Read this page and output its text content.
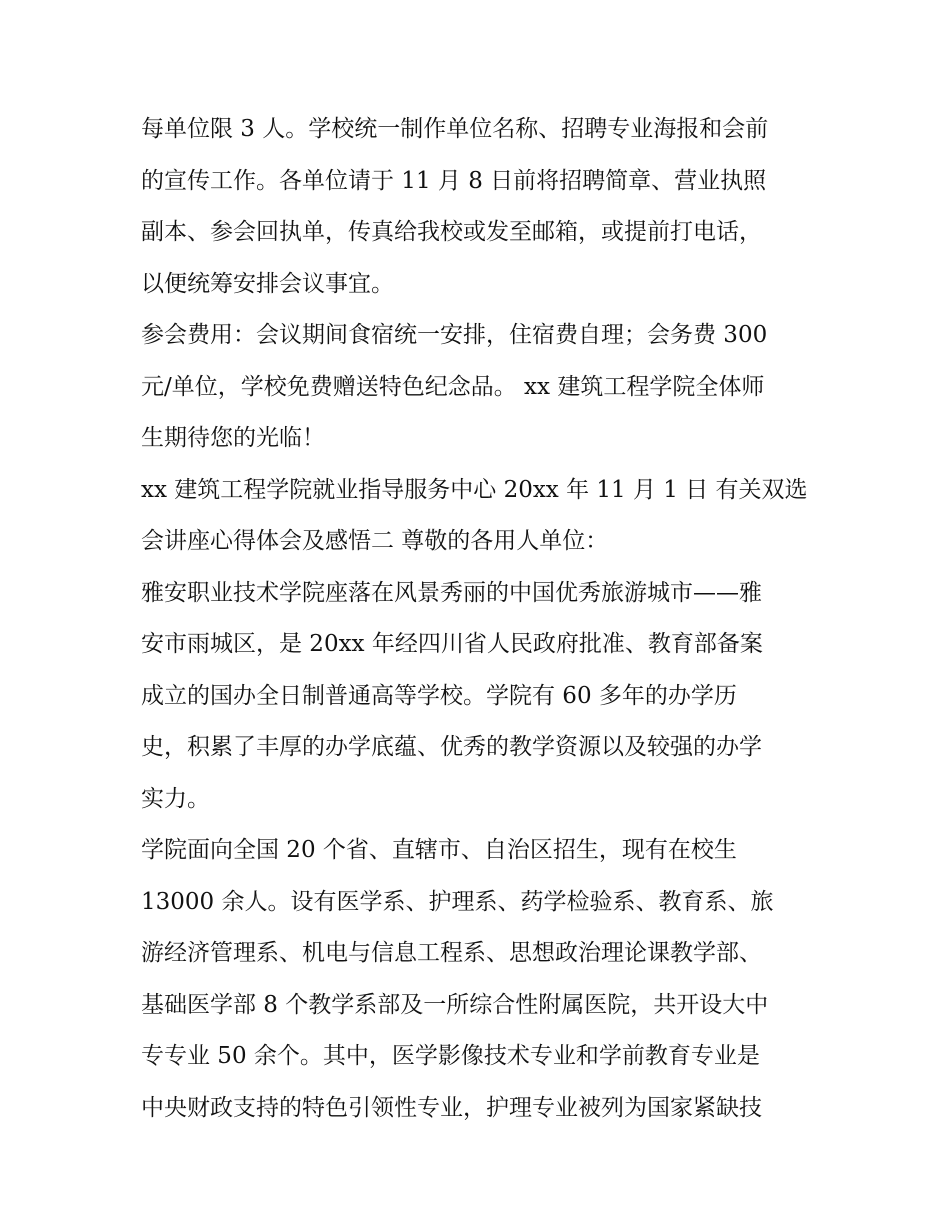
每单位限 3 人。学校统一制作单位名称、招聘专业海报和会前
的宣传工作。各单位请于 11 月 8 日前将招聘简章、营业执照
副本、参会回执单，传真给我校或发至邮箱，或提前打电话，
以便统筹安排会议事宜。
参会费用：会议期间食宿统一安排，住宿费自理；会务费 300
元/单位，学校免费赠送特色纪念品。 xx 建筑工程学院全体师
生期待您的光临！
xx 建筑工程学院就业指导服务中心 20xx 年 11 月 1 日 有关双选
会讲座心得体会及感悟二 尊敬的各用人单位：
雅安职业技术学院座落在风景秀丽的中国优秀旅游城市——雅
安市雨城区，是 20xx 年经四川省人民政府批准、教育部备案
成立的国办全日制普通高等学校。学院有 60 多年的办学历
史，积累了丰厚的办学底蕴、优秀的教学资源以及较强的办学
实力。
学院面向全国 20 个省、直辖市、自治区招生，现有在校生
13000 余人。设有医学系、护理系、药学检验系、教育系、旅
游经济管理系、机电与信息工程系、思想政治理论课教学部、
基础医学部 8 个教学系部及一所综合性附属医院，共开设大中
专专业 50 余个。其中，医学影像技术专业和学前教育专业是
中央财政支持的特色引领性专业，护理专业被列为国家紧缺技
